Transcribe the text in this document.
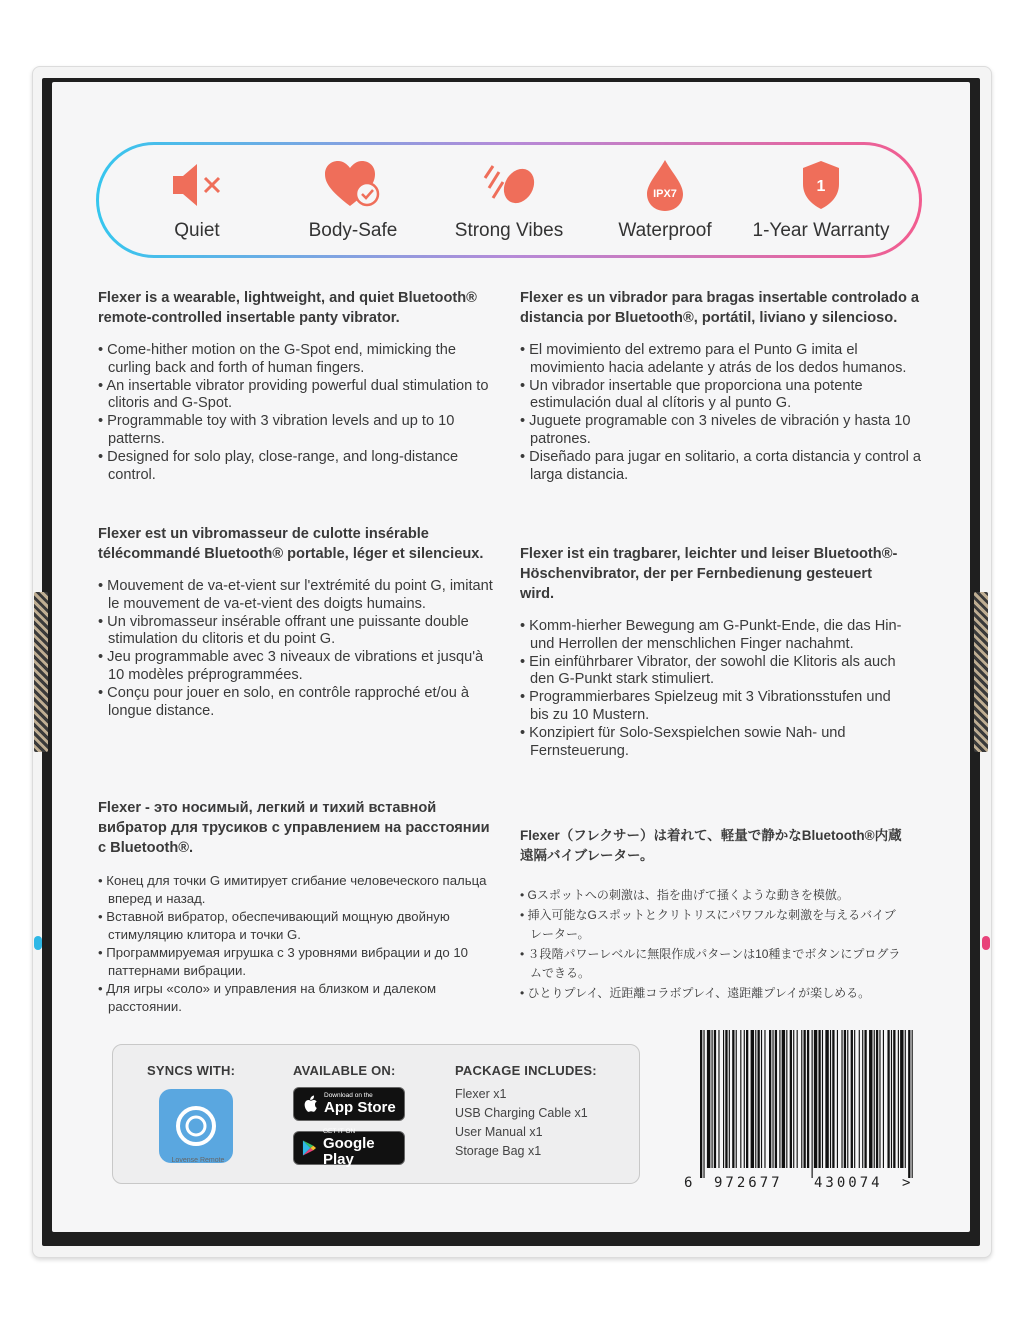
Quiet	Body-Safe	Strong Vibes
IPX7
Waterproof
1
1-Year Warranty
Flexer is a wearable, lightweight, and quiet Bluetooth® remote-controlled insertable panty vibrator.
• Come-hither motion on the G-Spot end, mimicking the curling back and forth of human fingers.
• An insertable vibrator providing powerful dual stimulation to clitoris and G-Spot.
• Programmable toy with 3 vibration levels and up to 10 patterns.
• Designed for solo play, close-range, and long-distance control.
Flexer es un vibrador para bragas insertable controlado a distancia por Bluetooth®, portátil, liviano y silencioso.
• El movimiento del extremo para el Punto G imita el movimiento hacia adelante y atrás de los dedos humanos.
• Un vibrador insertable que proporciona una potente estimulación dual al clítoris y al punto G.
• Juguete programable con 3 niveles de vibración y hasta 10 patrones.
• Diseñado para jugar en solitario, a corta distancia y control a larga distancia.
Flexer est un vibromasseur de culotte insérable télécommandé Bluetooth® portable, léger et silencieux.
• Mouvement de va-et-vient sur l'extrémité du point G, imitant le mouvement de va-et-vient des doigts humains.
• Un vibromasseur insérable offrant une puissante double stimulation du clitoris et du point G.
• Jeu programmable avec 3 niveaux de vibrations et jusqu'à 10 modèles préprogrammées.
• Conçu pour jouer en solo, en contrôle rapproché et/ou à longue distance.
Flexer ist ein tragbarer, leichter und leiser Bluetooth®-Höschenvibrator, der per Fernbedienung gesteuert wird.
• Komm-hierher Bewegung am G-Punkt-Ende, die das Hin- und Herrollen der menschlichen Finger nachahmt.
• Ein einführbarer Vibrator, der sowohl die Klitoris als auch den G-Punkt stark stimuliert.
• Programmierbares Spielzeug mit 3 Vibrationsstufen und bis zu 10 Mustern.
• Konzipiert für Solo-Sexspielchen sowie Nah- und Fernsteuerung.
Flexer - это носимый, легкий и тихий вставной вибратор для трусиков с управлением на расстоянии с Bluetooth®.
• Конец для точки G имитирует сгибание человеческого пальца вперед и назад.
• Вставной вибратор, обеспечивающий мощную двойную стимуляцию клитора и точки G.
• Программируемая игрушка с 3 уровнями вибрации и до 10 паттернами вибрации.
• Для игры «соло» и управления на близком и далеком расстоянии.
Flexer（フレクサー）は着れて、軽量で静かなBluetooth®内蔵遠隔バイブレーター。
• Gスポットへの刺激は、指を曲げて掻くような動きを模倣。
• 挿入可能なGスポットとクリトリスにパワフルな刺激を与えるバイブレーター。
• ３段階パワーレベルに無限作成パターンは10種までボタンにプログラムできる。
• ひとりプレイ、近距離コラボプレイ、遠距離プレイが楽しめる。
SYNCS WITH:
Lovense Remote
AVAILABLE ON:
Download on the
App Store
GET IT ON
Google Play
PACKAGE INCLUDES:
Flexer x1
USB Charging Cable x1
User Manual x1
Storage Bag x1
6 972677 430074 >
